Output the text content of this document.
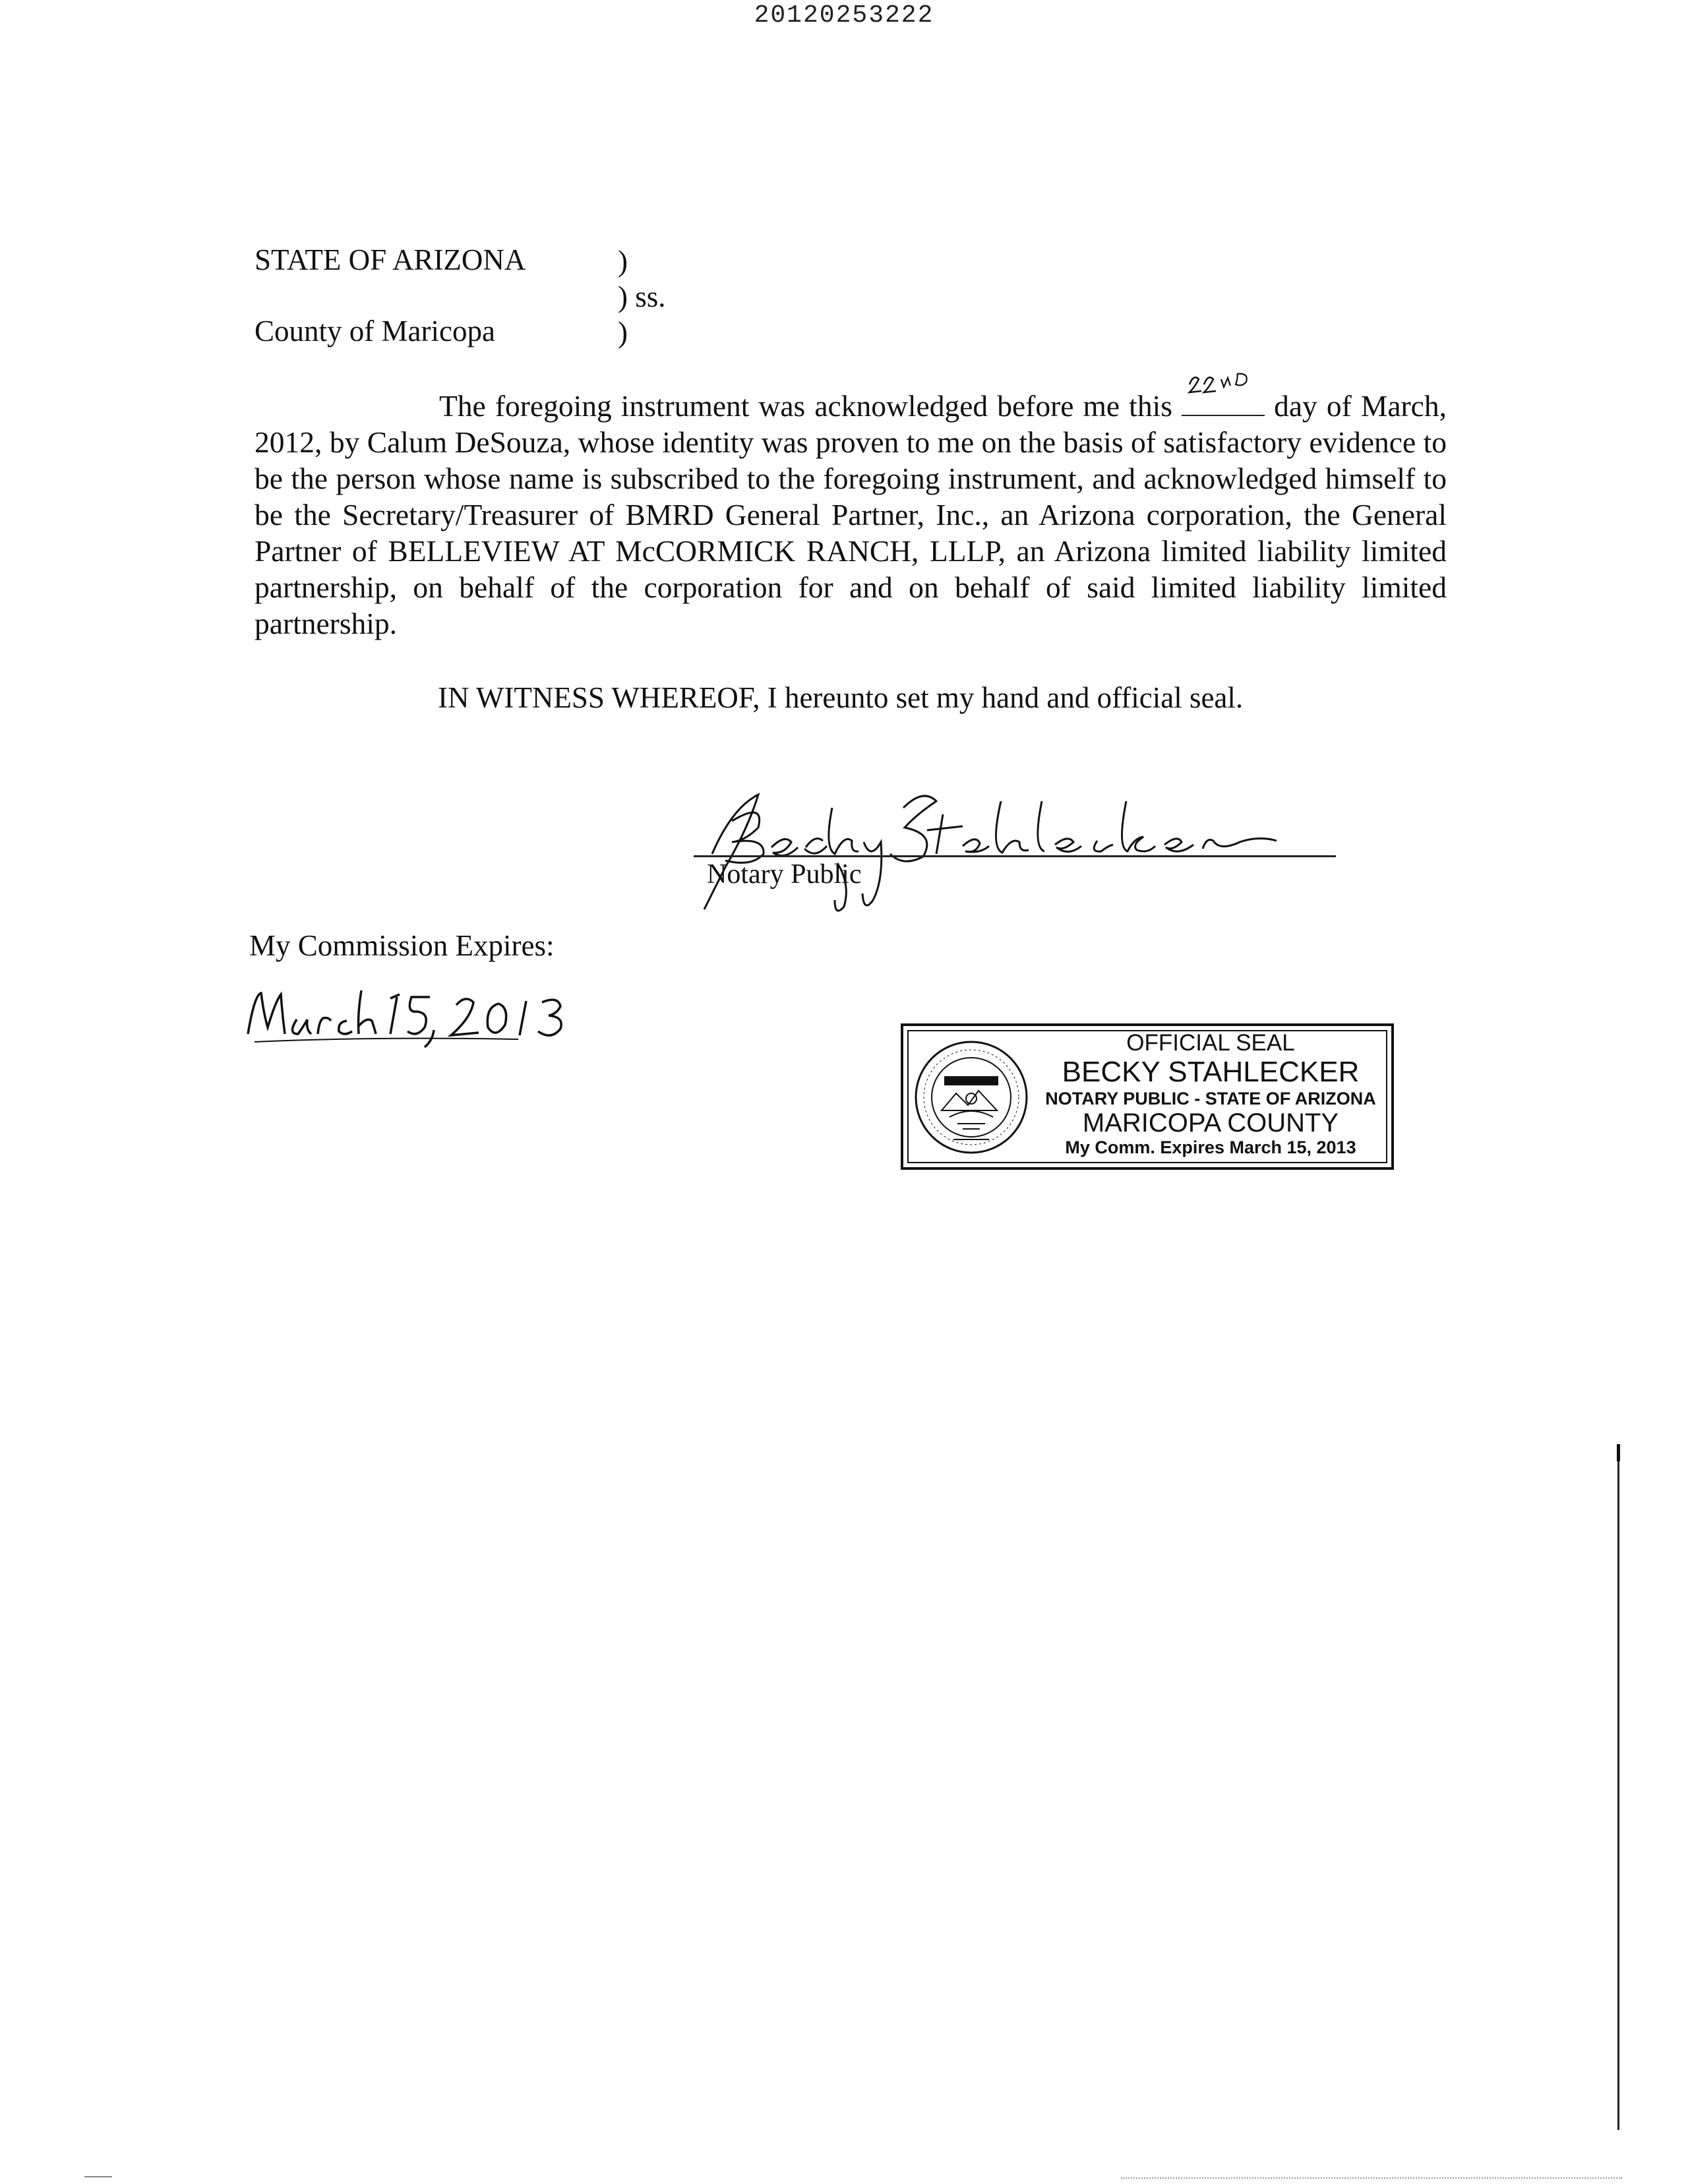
20120253222
STATE OF ARIZONA	)
) ss.
County of Maricopa	)
The foregoing instrument was acknowledged before me this	day of March, 2012, by Calum DeSouza, whose identity was proven to me on the basis of satisfactory evidence to be the person whose name is subscribed to the foregoing instrument, and acknowledged himself to be the Secretary/Treasurer of BMRD General Partner, Inc., an Arizona corporation, the General Partner of BELLEVIEW AT McCORMICK RANCH, LLLP, an Arizona limited liability limited partnership, on behalf of the corporation for and on behalf of said limited liability limited partnership.
IN WITNESS WHEREOF, I hereunto set my hand and official seal.
Notary Public
My Commission Expires:
OFFICIAL SEAL
BECKY STAHLECKER
NOTARY PUBLIC - STATE OF ARIZONA
MARICOPA COUNTY
My Comm. Expires March 15, 2013
